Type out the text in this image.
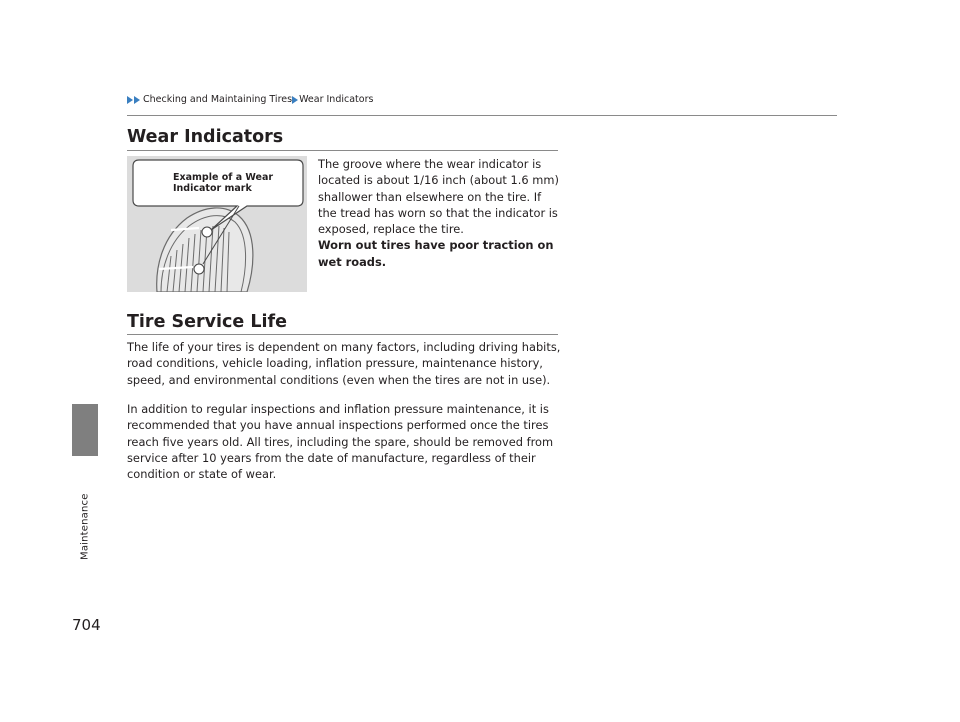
Checking and Maintaining Tires Wear Indicators
Maintenance
Wear Indicators
Example of a Wear Indicator mark
The groove where the wear indicator is located is about 1/16 inch (about 1.6 mm) shallower than elsewhere on the tire. If the tread has worn so that the indicator is exposed, replace the tire.
Worn out tires have poor traction on wet roads.
Tire Service Life
The life of your tires is dependent on many factors, including driving habits, road conditions, vehicle loading, inflation pressure, maintenance history, speed, and environmental conditions (even when the tires are not in use).
In addition to regular inspections and inflation pressure maintenance, it is recommended that you have annual inspections performed once the tires reach five years old. All tires, including the spare, should be removed from service after 10 years from the date of manufacture, regardless of their condition or state of wear.
704
